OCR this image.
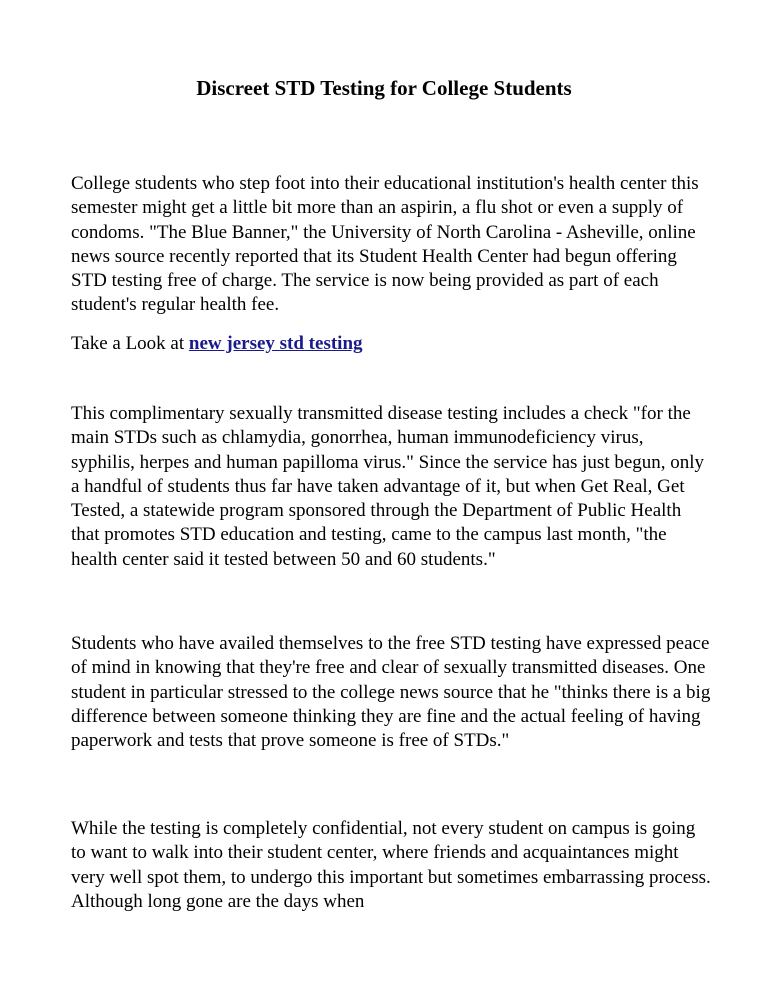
Discreet STD Testing for College Students

College students who step foot into their educational institution's health center this semester might get a little bit more than an aspirin, a flu shot or even a supply of condoms. "The Blue Banner," the University of North Carolina - Asheville, online news source recently reported that its Student Health Center had begun offering STD testing free of charge. The service is now being provided as part of each student's regular health fee.

Take a Look at new jersey std testing

This complimentary sexually transmitted disease testing includes a check "for the main STDs such as chlamydia, gonorrhea, human immunodeficiency virus, syphilis, herpes and human papilloma virus." Since the service has just begun, only a handful of students thus far have taken advantage of it, but when Get Real, Get Tested, a statewide program sponsored through the Department of Public Health that promotes STD education and testing, came to the campus last month, "the health center said it tested between 50 and 60 students."

Students who have availed themselves to the free STD testing have expressed peace of mind in knowing that they're free and clear of sexually transmitted diseases. One student in particular stressed to the college news source that he "thinks there is a big difference between someone thinking they are fine and the actual feeling of having paperwork and tests that prove someone is free of STDs."

While the testing is completely confidential, not every student on campus is going to want to walk into their student center, where friends and acquaintances might very well spot them, to undergo this important but sometimes embarrassing process. Although long gone are the days when
